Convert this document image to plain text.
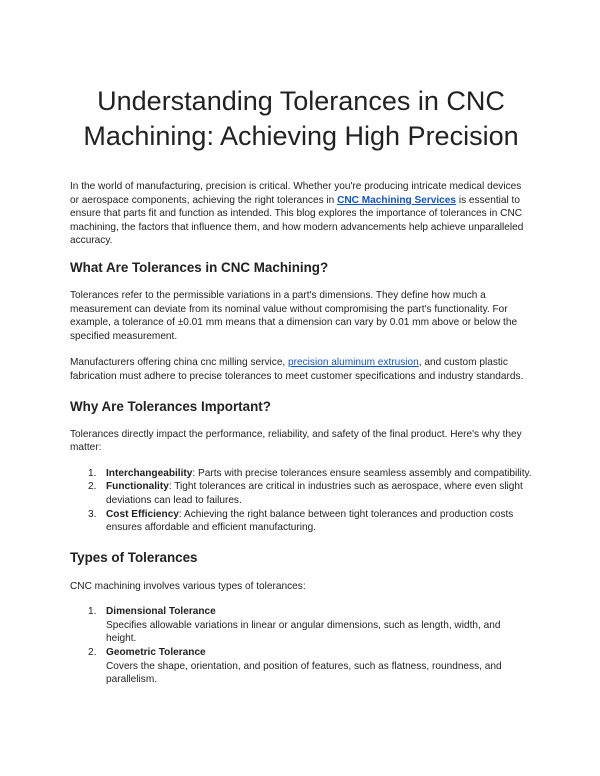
Understanding Tolerances in CNC Machining: Achieving High Precision

In the world of manufacturing, precision is critical. Whether you're producing intricate medical devices or aerospace components, achieving the right tolerances in CNC Machining Services is essential to ensure that parts fit and function as intended. This blog explores the importance of tolerances in CNC machining, the factors that influence them, and how modern advancements help achieve unparalleled accuracy.

What Are Tolerances in CNC Machining?

Tolerances refer to the permissible variations in a part's dimensions. They define how much a measurement can deviate from its nominal value without compromising the part's functionality. For example, a tolerance of ±0.01 mm means that a dimension can vary by 0.01 mm above or below the specified measurement.

Manufacturers offering china cnc milling service, precision aluminum extrusion, and custom plastic fabrication must adhere to precise tolerances to meet customer specifications and industry standards.

Why Are Tolerances Important?

Tolerances directly impact the performance, reliability, and safety of the final product. Here's why they matter:

1. Interchangeability: Parts with precise tolerances ensure seamless assembly and compatibility.
2. Functionality: Tight tolerances are critical in industries such as aerospace, where even slight deviations can lead to failures.
3. Cost Efficiency: Achieving the right balance between tight tolerances and production costs ensures affordable and efficient manufacturing.
Types of Tolerances

CNC machining involves various types of tolerances:

1. Dimensional Tolerance
Specifies allowable variations in linear or angular dimensions, such as length, width, and height.
2. Geometric Tolerance
Covers the shape, orientation, and position of features, such as flatness, roundness, and parallelism.
